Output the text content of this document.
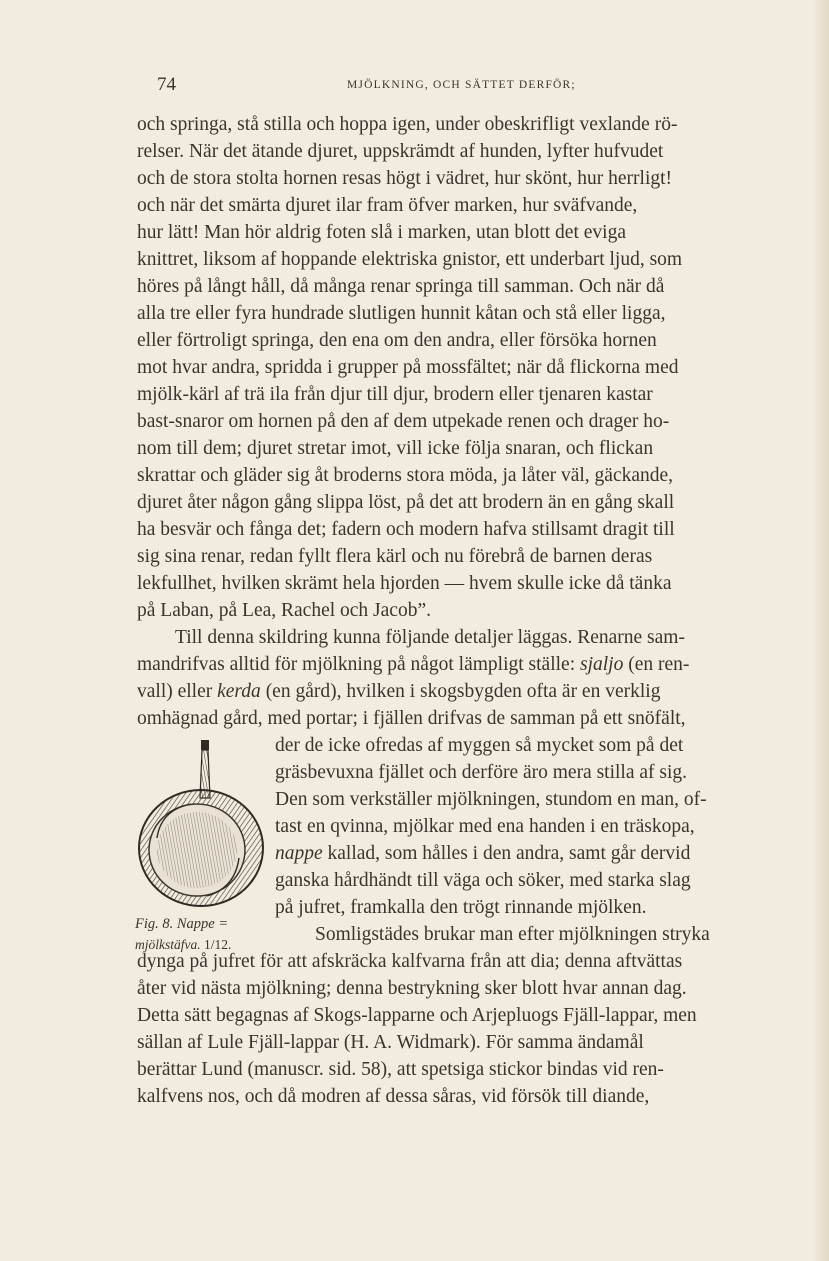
74	MJÖLKNING, OCH SÄTTET DERFÖR;
och springa, stå stilla och hoppa igen, under obeskrifligt vexlande rö-
relser. När det ätande djuret, uppskrämdt af hunden, lyfter hufvudet
och de stora stolta hornen resas högt i vädret, hur skönt, hur herrligt!
och när det smärta djuret ilar fram öfver marken, hur sväfvande,
hur lätt! Man hör aldrig foten slå i marken, utan blott det eviga
knittret, liksom af hoppande elektriska gnistor, ett underbart ljud, som
höres på långt håll, då många renar springa till samman. Och när då
alla tre eller fyra hundrade slutligen hunnit kåtan och stå eller ligga,
eller förtroligt springa, den ena om den andra, eller försöka hornen
mot hvar andra, spridda i grupper på mossfältet; när då flickorna med
mjölk-kärl af trä ila från djur till djur, brodern eller tjenaren kastar
bast-snaror om hornen på den af dem utpekade renen och drager ho-
nom till dem; djuret stretar imot, vill icke följa snaran, och flickan
skrattar och gläder sig åt broderns stora möda, ja låter väl, gäckande,
djuret åter någon gång slippa löst, på det att brodern än en gång skall
ha besvär och fånga det; fadern och modern hafva stillsamt dragit till
sig sina renar, redan fyllt flera kärl och nu förebrå de barnen deras
lekfullhet, hvilken skrämt hela hjorden — hvem skulle icke då tänka
på Laban, på Lea, Rachel och Jacob”.
Till denna skildring kunna följande detaljer läggas. Renarne sam-
mandrifvas alltid för mjölkning på något lämpligt ställe: sjaljo (en ren-
vall) eller kerda (en gård), hvilken i skogsbygden ofta är en verklig
omhägnad gård, med portar; i fjällen drifvas de samman på ett snöfält,
der de icke ofredas af myggen så mycket som på det
gräsbevuxna fjället och derföre äro mera stilla af sig.
Den som verkställer mjölkningen, stundom en man, of-
tast en qvinna, mjölkar med ena handen i en träskopa,
nappe kallad, som hålles i den andra, samt går dervid
ganska hårdhändt till väga och söker, med starka slag
på jufret, framkalla den trögt rinnande mjölken.
Somligstädes brukar man efter mjölkningen stryka
dynga på jufret för att afskräcka kalfvarna från att dia; denna aftvättas
åter vid nästa mjölkning; denna bestrykning sker blott hvar annan dag.
Detta sätt begagnas af Skogs-lapparne och Arjepluogs Fjäll-lappar, men
sällan af Lule Fjäll-lappar (H. A. Widmark). För samma ändamål
berättar Lund (manuscr. sid. 58), att spetsiga stickor bindas vid ren-
kalfvens nos, och då modren af dessa såras, vid försök till diande,
Fig. 8. Nappe =
mjölkstäfva. 1/12.
